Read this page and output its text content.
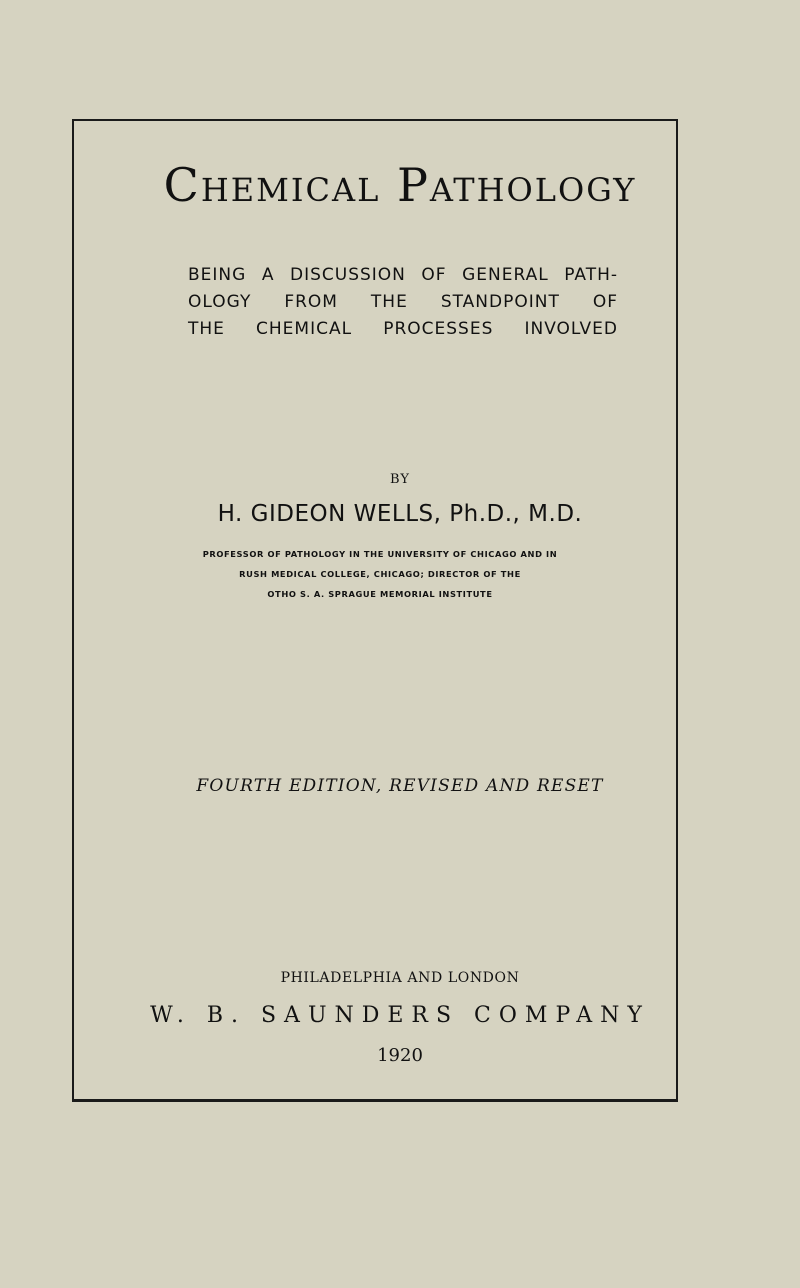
Chemical Pathology
BEING A DISCUSSION OF GENERAL PATH-
OLOGY FROM THE STANDPOINT OF
THE CHEMICAL PROCESSES INVOLVED
BY
H. GIDEON WELLS, Ph.D., M.D.
PROFESSOR OF PATHOLOGY IN THE UNIVERSITY OF CHICAGO AND IN
RUSH MEDICAL COLLEGE, CHICAGO; DIRECTOR OF THE
OTHO S. A. SPRAGUE MEMORIAL INSTITUTE
FOURTH EDITION, REVISED AND RESET
PHILADELPHIA AND LONDON
W. B. SAUNDERS COMPANY
1920
